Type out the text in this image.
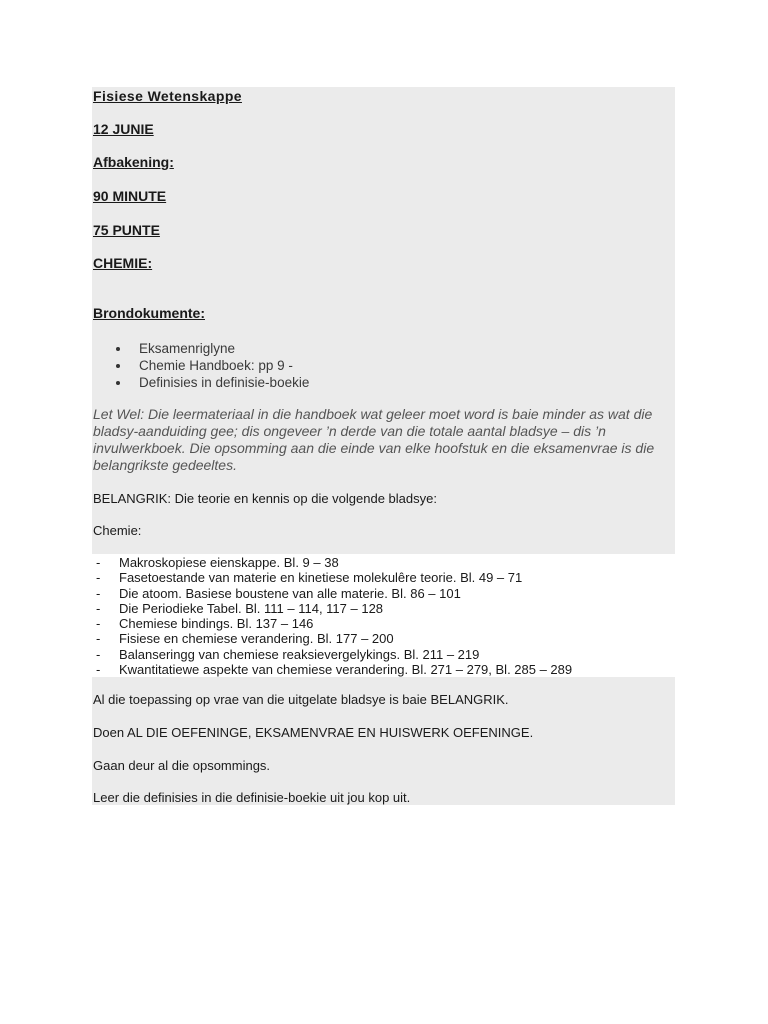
Fisiese Wetenskappe
12 JUNIE
Afbakening:
90 MINUTE
75 PUNTE
CHEMIE:
Brondokumente:
Eksamenriglyne
Chemie Handboek: pp 9 -
Definisies in definisie-boekie
Let Wel: Die leermateriaal in die handboek wat geleer moet word is baie minder as wat die bladsy-aanduiding gee; dis ongeveer ’n derde van die totale aantal bladsye – dis ’n invulwerkboek. Die opsomming aan die einde van elke hoofstuk en die eksamenvrae is die belangrikste gedeeltes.
BELANGRIK: Die teorie en kennis op die volgende bladsye:
Chemie:
- Makroskopiese eienskappe. Bl. 9 – 38
- Fasetoestande van materie en kinetiese molekulêre teorie. Bl. 49 – 71
- Die atoom. Basiese boustene van alle materie. Bl. 86 – 101
- Die Periodieke Tabel. Bl. 111 – 114, 117 – 128
- Chemiese bindings. Bl. 137 – 146
- Fisiese en chemiese verandering. Bl. 177 – 200
- Balanseringg van chemiese reaksievergelykings. Bl. 211 – 219
- Kwantitatiewe aspekte van chemiese verandering. Bl. 271 – 279, Bl. 285 – 289
Al die toepassing op vrae van die uitgelate bladsye is baie BELANGRIK.
Doen AL DIE OEFENINGE, EKSAMENVRAE EN HUISWERK OEFENINGE.
Gaan deur al die opsommings.
Leer die definisies in die definisie-boekie uit jou kop uit.
